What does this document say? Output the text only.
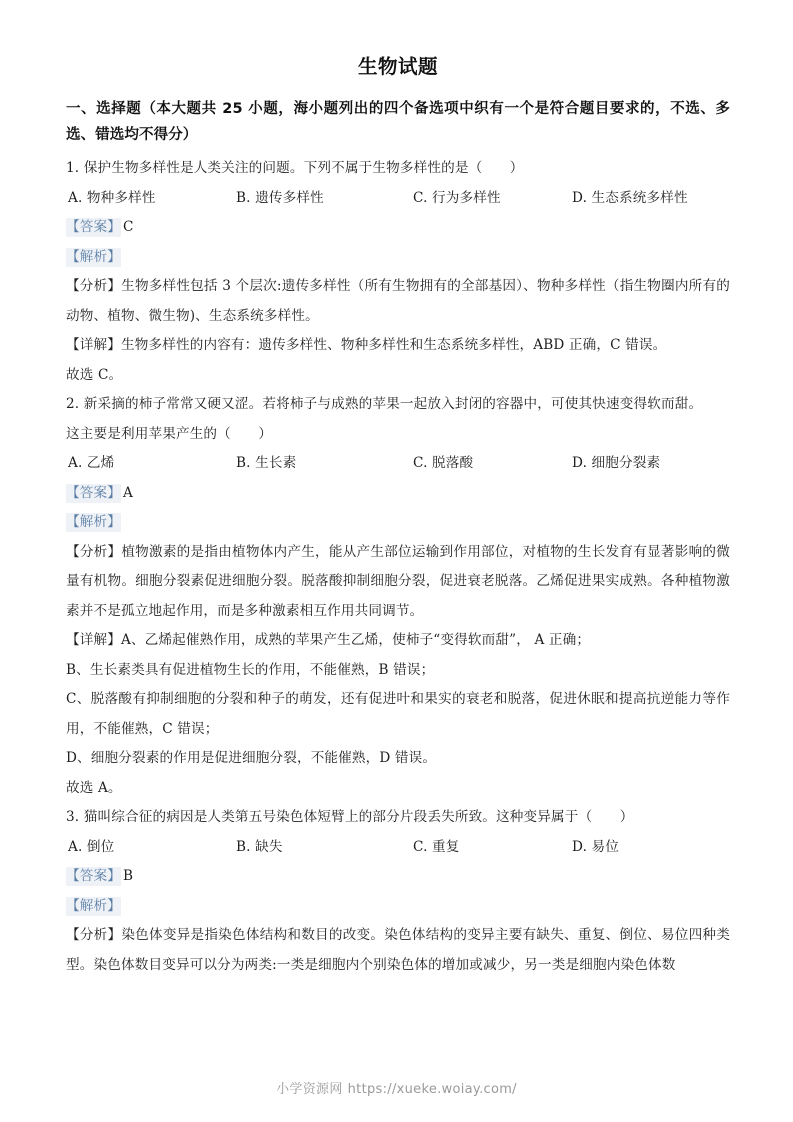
生物试题

一、选择题（本大题共 25 小题，海小题列出的四个备选项中织有一个是符合题目要求的，不选、多选、错选均不得分）

1. 保护生物多样性是人类关注的问题。下列不属于生物多样性的是（　　）

A. 物种多样性	B. 遗传多样性	C. 行为多样性	D. 生态系统多样性

【答案】 C

【解析】

【分析】生物多样性包括 3 个层次:遗传多样性（所有生物拥有的全部基因）、物种多样性（指生物圈内所有的动物、植物、微生物)、生态系统多样性。

【详解】生物多样性的内容有：遗传多样性、物种多样性和生态系统多样性，ABD 正确，C 错误。

故选 C。

2. 新采摘的柿子常常又硬又涩。若将柿子与成熟的苹果一起放入封闭的容器中，可使其快速变得软而甜。

这主要是利用苹果产生的（　　）

A. 乙烯	B. 生长素	C. 脱落酸	D. 细胞分裂素

【答案】 A

【解析】

【分析】植物激素的是指由植物体内产生，能从产生部位运输到作用部位，对植物的生长发育有显著影响的微量有机物。细胞分裂素促进细胞分裂。脱落酸抑制细胞分裂，促进衰老脱落。乙烯促进果实成熟。各种植物激素并不是孤立地起作用，而是多种激素相互作用共同调节。

【详解】A、乙烯起催熟作用，成熟的苹果产生乙烯，使柿子“变得软而甜”， A 正确；

B、生长素类具有促进植物生长的作用，不能催熟，B 错误；

C、脱落酸有抑制细胞的分裂和种子的萌发，还有促进叶和果实的衰老和脱落，促进休眠和提高抗逆能力等作用，不能催熟，C 错误；

D、细胞分裂素的作用是促进细胞分裂，不能催熟，D 错误。

故选 A。

3. 猫叫综合征的病因是人类第五号染色体短臂上的部分片段丢失所致。这种变异属于（　　）

A. 倒位	B. 缺失	C. 重复	D. 易位

【答案】 B

【解析】

【分析】染色体变异是指染色体结构和数目的改变。染色体结构的变异主要有缺失、重复、倒位、易位四种类型。染色体数目变异可以分为两类:一类是细胞内个别染色体的增加或减少，另一类是细胞内染色体数

小学资源网 https://xueke.woiay.com/
